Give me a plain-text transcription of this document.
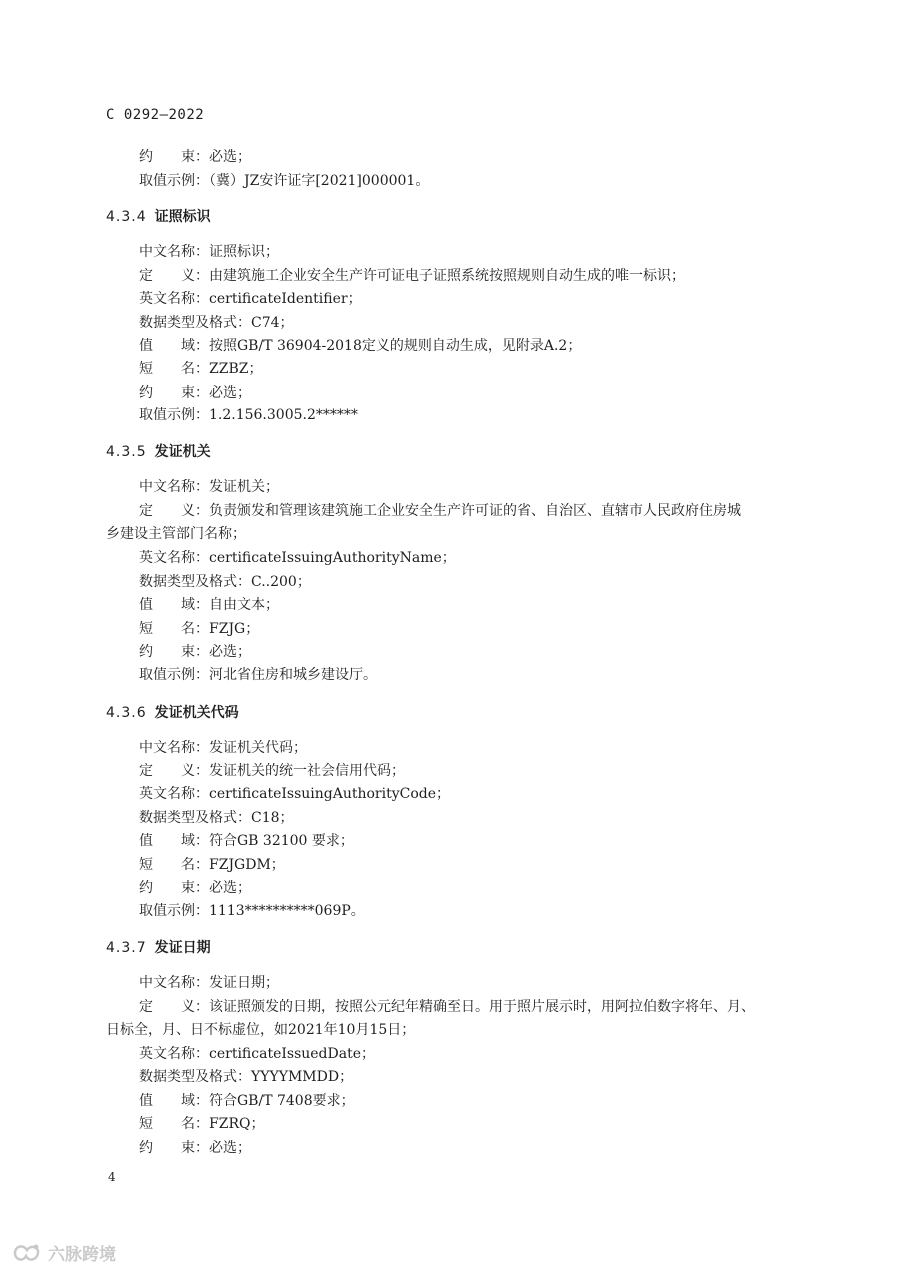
C 0292—2022
约　　束：必选；
取值示例：（冀）JZ安许证字[2021]000001。
4.3.4 证照标识
中文名称：证照标识；
定　　义：由建筑施工企业安全生产许可证电子证照系统按照规则自动生成的唯一标识；
英文名称：certificateIdentifier；
数据类型及格式：C74；
值　　域：按照GB/T 36904-2018定义的规则自动生成，见附录A.2；
短　　名：ZZBZ；
约　　束：必选；
取值示例：1.2.156.3005.2******
4.3.5 发证机关
中文名称：发证机关；
定　　义：负责颁发和管理该建筑施工企业安全生产许可证的省、自治区、直辖市人民政府住房城
乡建设主管部门名称；
英文名称：certificateIssuingAuthorityName；
数据类型及格式：C..200；
值　　域：自由文本；
短　　名：FZJG；
约　　束：必选；
取值示例：河北省住房和城乡建设厅。
4.3.6 发证机关代码
中文名称：发证机关代码；
定　　义：发证机关的统一社会信用代码；
英文名称：certificateIssuingAuthorityCode；
数据类型及格式：C18；
值　　域：符合GB 32100 要求；
短　　名：FZJGDM；
约　　束：必选；
取值示例：1113**********069P。
4.3.7 发证日期
中文名称：发证日期；
定　　义：该证照颁发的日期，按照公元纪年精确至日。用于照片展示时，用阿拉伯数字将年、月、
日标全，月、日不标虚位，如2021年10月15日；
英文名称：certificateIssuedDate；
数据类型及格式：YYYYMMDD；
值　　域：符合GB/T 7408要求；
短　　名：FZRQ；
约　　束：必选；
4
六脉跨境
